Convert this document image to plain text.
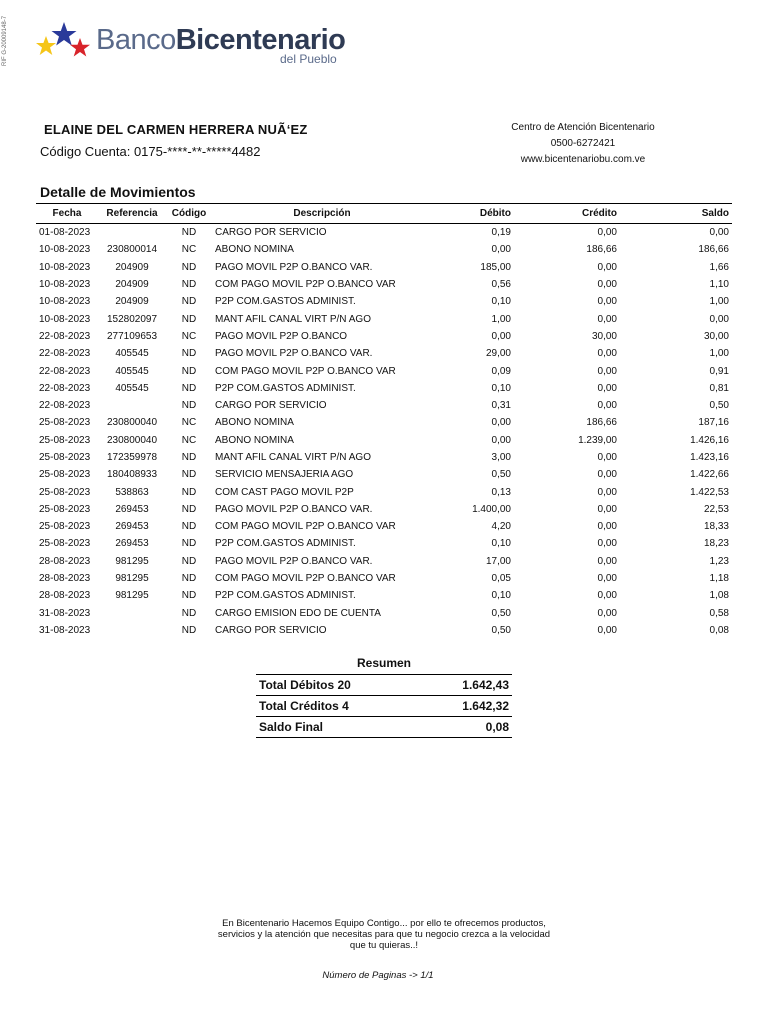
RIF G-20009148-7	BancoBicentenario
del Pueblo
ELAINE DEL CARMEN HERRERA NUÃ‘EZ
Código Cuenta: 0175-****-**-*****4482
Centro de Atención Bicentenario
0500-6272421
www.bicentenariobu.com.ve
Detalle de Movimientos
Fecha	Referencia	Código	Descripción	Débito	Crédito	Saldo
01-08-2023		ND	CARGO POR SERVICIO	0,19	0,00	0,00
10-08-2023	230800014	NC	ABONO NOMINA	0,00	186,66	186,66
10-08-2023	204909	ND	PAGO MOVIL P2P O.BANCO VAR.	185,00	0,00	1,66
10-08-2023	204909	ND	COM PAGO MOVIL P2P O.BANCO VAR	0,56	0,00	1,10
10-08-2023	204909	ND	P2P COM.GASTOS ADMINIST.	0,10	0,00	1,00
10-08-2023	152802097	ND	MANT AFIL CANAL VIRT P/N AGO	1,00	0,00	0,00
22-08-2023	277109653	NC	PAGO MOVIL P2P O.BANCO	0,00	30,00	30,00
22-08-2023	405545	ND	PAGO MOVIL P2P O.BANCO VAR.	29,00	0,00	1,00
22-08-2023	405545	ND	COM PAGO MOVIL P2P O.BANCO VAR	0,09	0,00	0,91
22-08-2023	405545	ND	P2P COM.GASTOS ADMINIST.	0,10	0,00	0,81
22-08-2023		ND	CARGO POR SERVICIO	0,31	0,00	0,50
25-08-2023	230800040	NC	ABONO NOMINA	0,00	186,66	187,16
25-08-2023	230800040	NC	ABONO NOMINA	0,00	1.239,00	1.426,16
25-08-2023	172359978	ND	MANT AFIL CANAL VIRT P/N AGO	3,00	0,00	1.423,16
25-08-2023	180408933	ND	SERVICIO MENSAJERIA AGO	0,50	0,00	1.422,66
25-08-2023	538863	ND	COM CAST PAGO MOVIL P2P	0,13	0,00	1.422,53
25-08-2023	269453	ND	PAGO MOVIL P2P O.BANCO VAR.	1.400,00	0,00	22,53
25-08-2023	269453	ND	COM PAGO MOVIL P2P O.BANCO VAR	4,20	0,00	18,33
25-08-2023	269453	ND	P2P COM.GASTOS ADMINIST.	0,10	0,00	18,23
28-08-2023	981295	ND	PAGO MOVIL P2P O.BANCO VAR.	17,00	0,00	1,23
28-08-2023	981295	ND	COM PAGO MOVIL P2P O.BANCO VAR	0,05	0,00	1,18
28-08-2023	981295	ND	P2P COM.GASTOS ADMINIST.	0,10	0,00	1,08
31-08-2023		ND	CARGO EMISION EDO DE CUENTA	0,50	0,00	0,58
31-08-2023		ND	CARGO POR SERVICIO	0,50	0,00	0,08
Resumen
Total Débitos 20	1.642,43
Total Créditos 4	1.642,32
Saldo Final	0,08
En Bicentenario Hacemos Equipo Contigo... por ello te ofrecemos productos,
servicios y la atención que necesitas para que tu negocio crezca a la velocidad
que tu quieras..!
Número de Paginas -> 1/1
